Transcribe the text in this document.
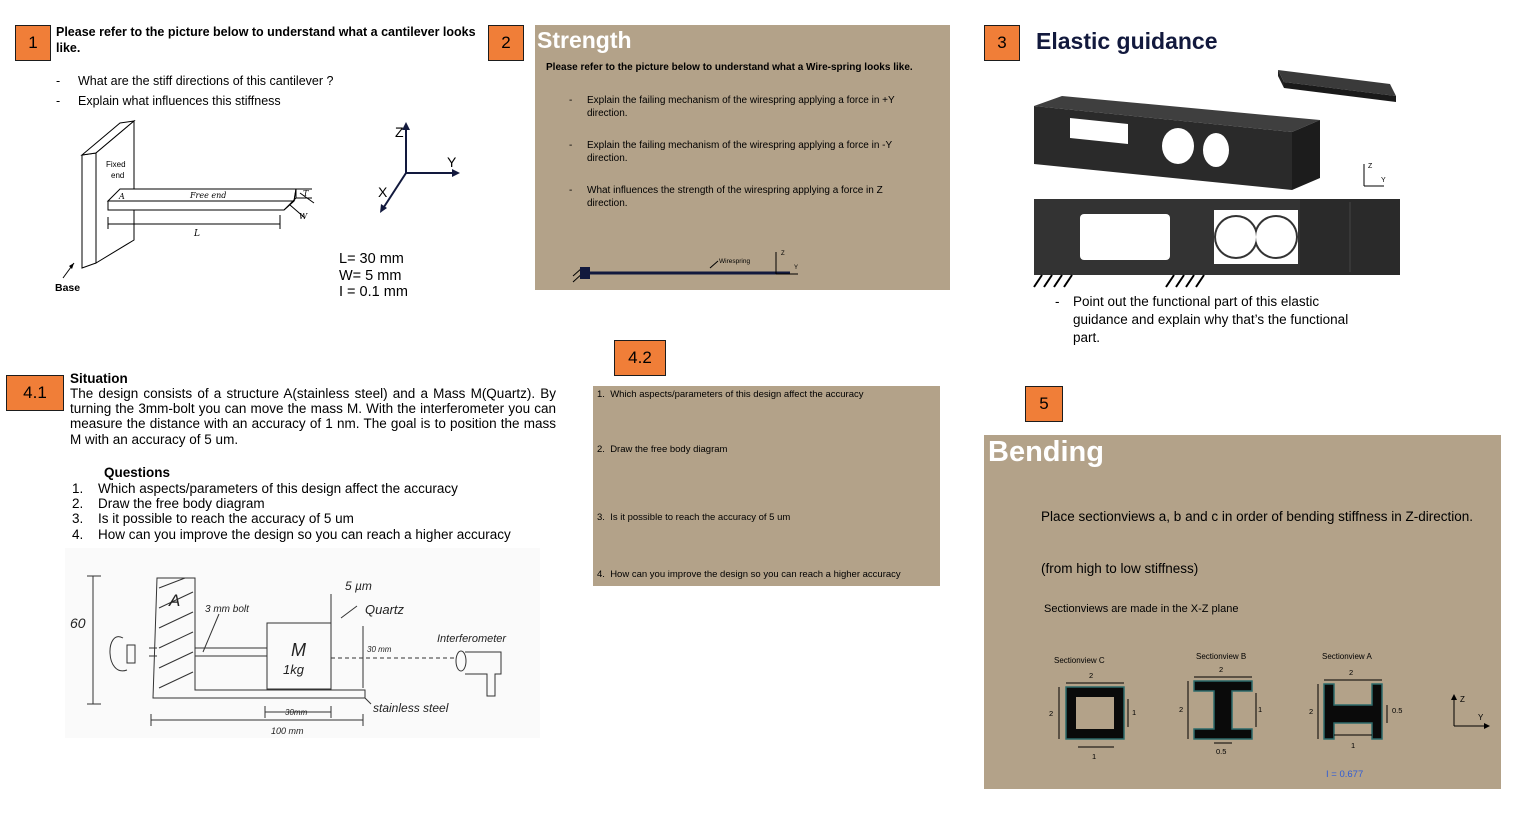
1
Please refer to the picture below to understand what a cantilever looks like.
- What are the stiff directions of this cantilever ?
- Explain what influences this stiffness
Fixed
end
Free end
A
L
W
T
Base
Z
Y
X
L= 30 mm
W= 5 mm
I = 0.1 mm
2	Strength
Please refer to the picture below to understand what a Wire-spring looks like.
- Explain the failing mechanism of the wirespring applying a force in +Y direction.
- Explain the failing mechanism of the wirespring applying a force in -Y direction.
- What influences the strength of the wirespring applying a force in Z direction.
Wirespring
Z
Y
3	Elastic guidance
Z
Y
- Point out the functional part of this elastic guidance and explain why that’s the functional part.
4.1
Situation
The design consists of a structure A(stainless steel) and a Mass M(Quartz). By turning the 3mm-bolt you can move the mass M. With the interferometer you can measure the distance with an accuracy of 1 nm. The goal is to position the mass M with an accuracy of 5 um.
Questions
1.	Which aspects/parameters of this design affect the accuracy
2.	Draw the free body diagram
3.	Is it possible to reach the accuracy of 5 um
4.	How can you improve the design so you can reach a higher accuracy
60
A 3 mm bolt
5 µm
Quartz
M
1kg
30 mm
Interferometer
stainless steel
30mm
100 mm
4.2
1.  Which aspects/parameters of this design affect the accuracy
2.  Draw the free body diagram
3.  Is it possible to reach the accuracy of 5 um
4.  How can you improve the design so you can reach a higher accuracy
5
Bending
Place sectionviews a, b and c in order of bending stiffness in Z-direction.
(from high to low stiffness)
Sectionviews are made in the X-Z plane
Sectionview C
2
2	1
1
Sectionview B
2
2	1
0.5
Sectionview A
2
2	0.5
1
I = 0.677
Z
Y
